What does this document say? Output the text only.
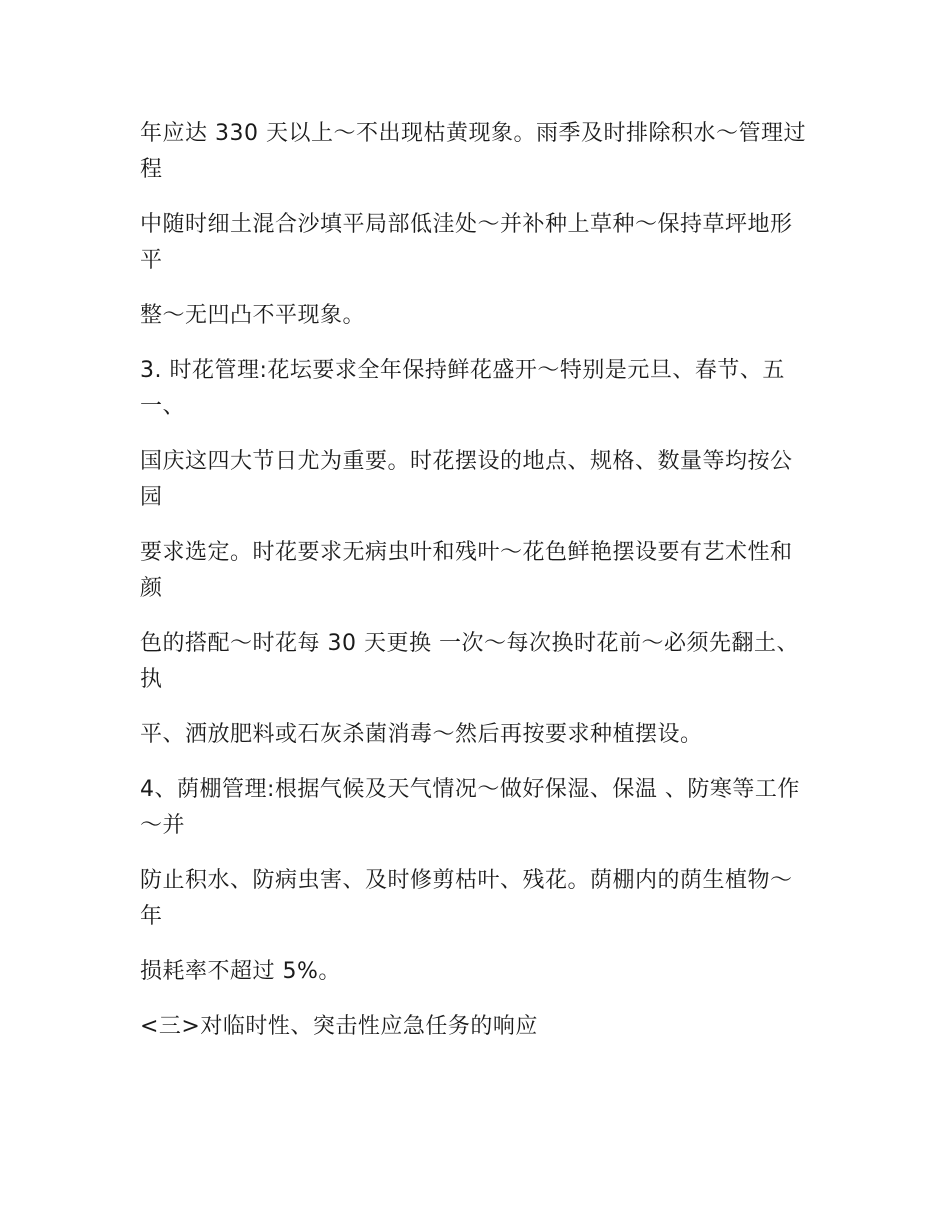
年应达 330 天以上～不出现枯黄现象。雨季及时排除积水～管理过程

中随时细土混合沙填平局部低洼处～并补种上草种～保持草坪地形平

整～无凹凸不平现象。

3. 时花管理:花坛要求全年保持鲜花盛开～特别是元旦、春节、五一、

国庆这四大节日尤为重要。时花摆设的地点、规格、数量等均按公园

要求选定。时花要求无病虫叶和残叶～花色鲜艳摆设要有艺术性和颜

色的搭配～时花每 30 天更换 一次～每次换时花前～必须先翻土、执

平、洒放肥料或石灰杀菌消毒～然后再按要求种植摆设。

4、荫棚管理:根据气候及天气情况～做好保湿、保温 、防寒等工作～并

防止积水、防病虫害、及时修剪枯叶、残花。荫棚内的荫生植物～年

损耗率不超过 5%。

<三>对临时性、突击性应急任务的响应
